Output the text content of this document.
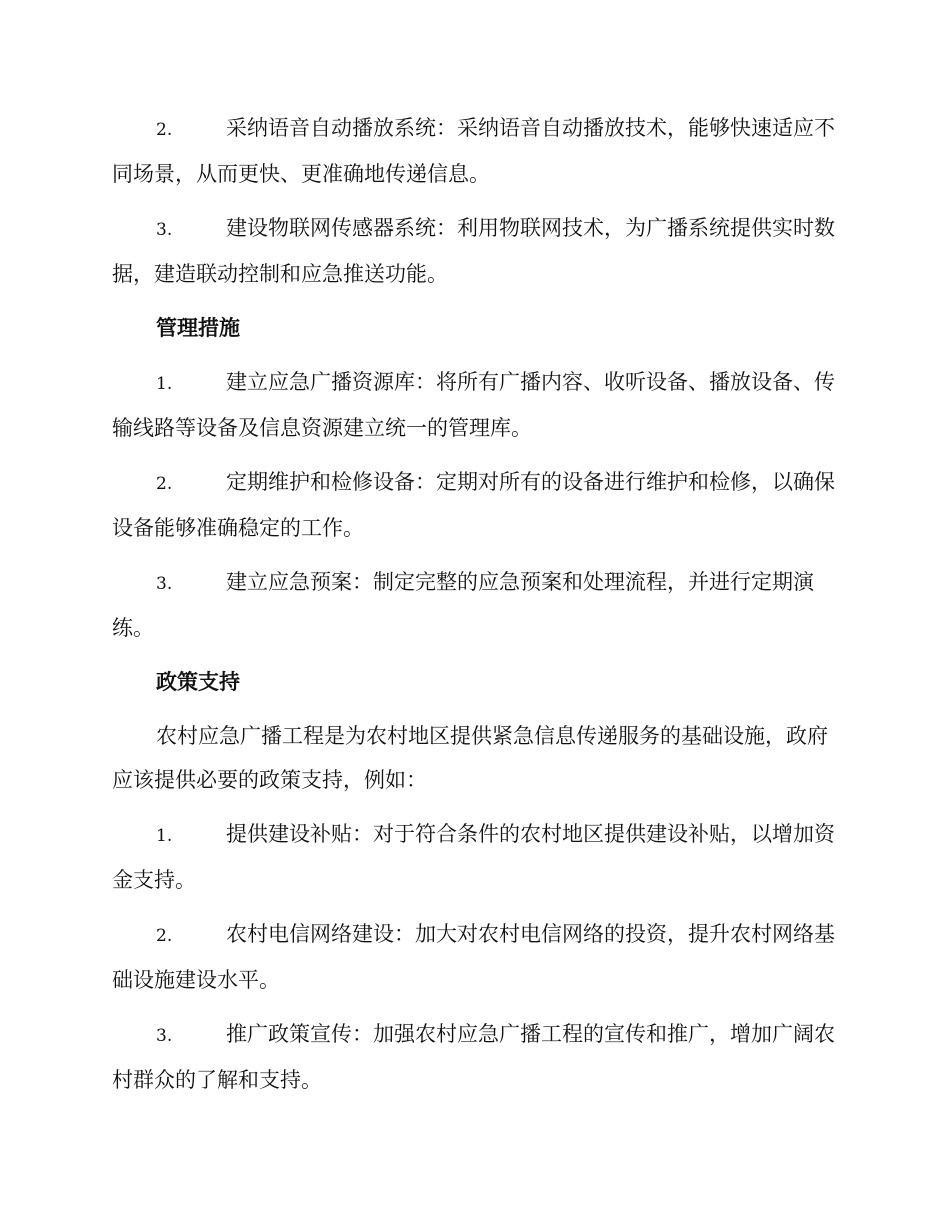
2.	采纳语音自动播放系统：采纳语音自动播放技术，能够快速适应不同场景，从而更快、更准确地传递信息。

3.	建设物联网传感器系统：利用物联网技术，为广播系统提供实时数据，建造联动控制和应急推送功能。

管理措施

1.	建立应急广播资源库：将所有广播内容、收听设备、播放设备、传输线路等设备及信息资源建立统一的管理库。

2.	定期维护和检修设备：定期对所有的设备进行维护和检修，以确保设备能够准确稳定的工作。

3.	建立应急预案：制定完整的应急预案和处理流程，并进行定期演练。

政策支持

农村应急广播工程是为农村地区提供紧急信息传递服务的基础设施，政府应该提供必要的政策支持，例如：

1.	提供建设补贴：对于符合条件的农村地区提供建设补贴，以增加资金支持。

2.	农村电信网络建设：加大对农村电信网络的投资，提升农村网络基础设施建设水平。

3.	推广政策宣传：加强农村应急广播工程的宣传和推广，增加广阔农村群众的了解和支持。
